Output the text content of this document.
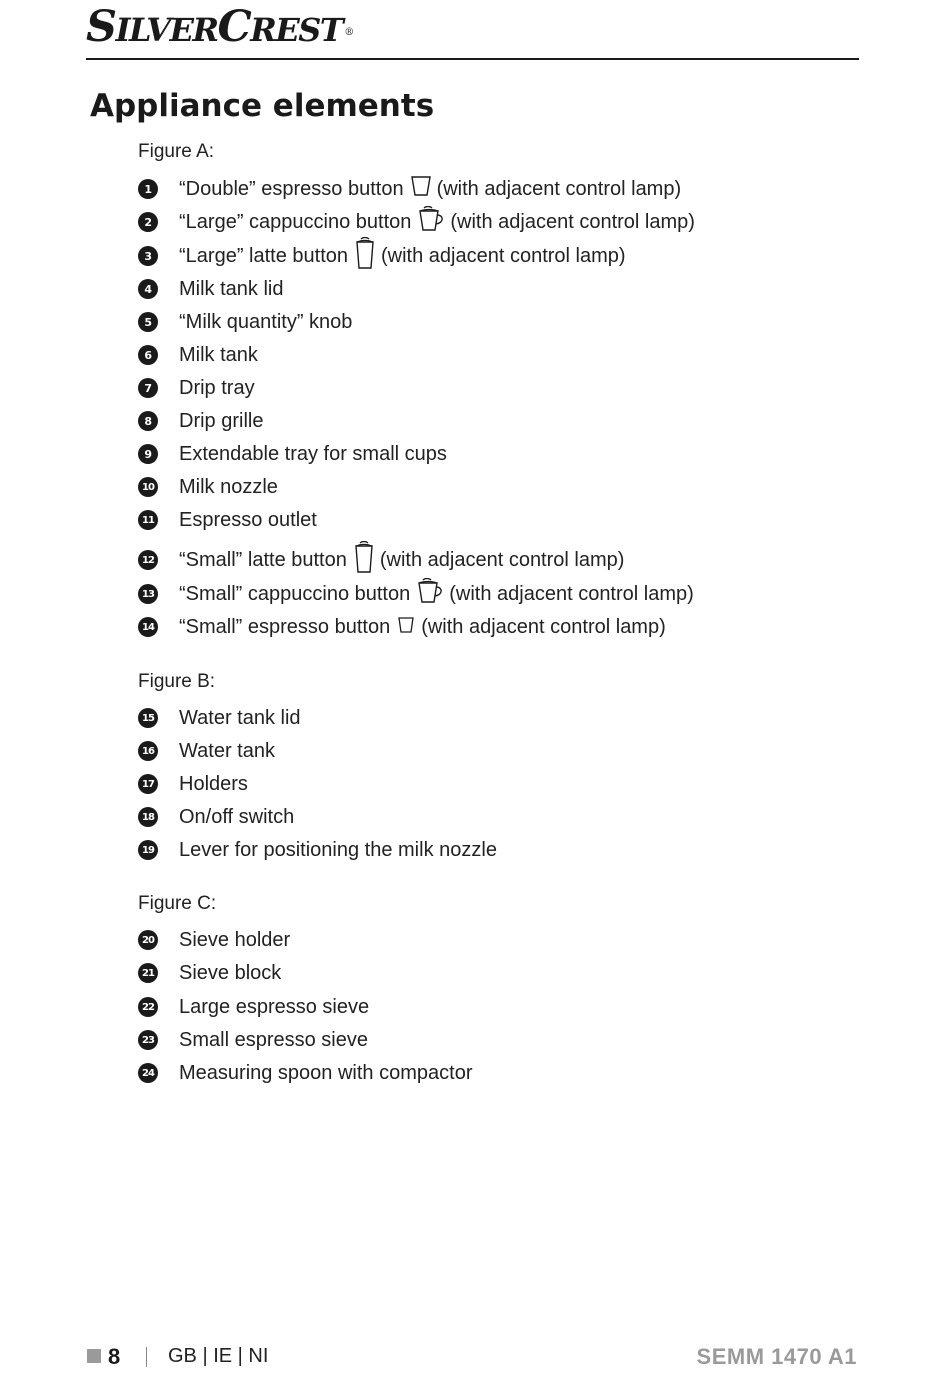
SILVERCREST ®
Appliance elements
Figure A:
1	“Double” espresso button (with adjacent control lamp)
2	“Large” cappuccino button (with adjacent control lamp)
3	“Large” latte button (with adjacent control lamp)
4	Milk tank lid
5	“Milk quantity” knob
6	Milk tank
7	Drip tray
8	Drip grille
9	Extendable tray for small cups
10 Milk nozzle
11 Espresso outlet
12 “Small” latte button (with adjacent control lamp)
13 “Small” cappuccino button (with adjacent control lamp)
14 “Small” espresso button (with adjacent control lamp)
Figure B:
15 Water tank lid
16 Water tank
17 Holders
18 On/off switch
19 Lever for positioning the milk nozzle
Figure C:
20 Sieve holder
21 Sieve block
22 Large espresso sieve
23 Small espresso sieve
24 Measuring spoon with compactor
8 GB | IE | NI	SEMM 1470 A1
